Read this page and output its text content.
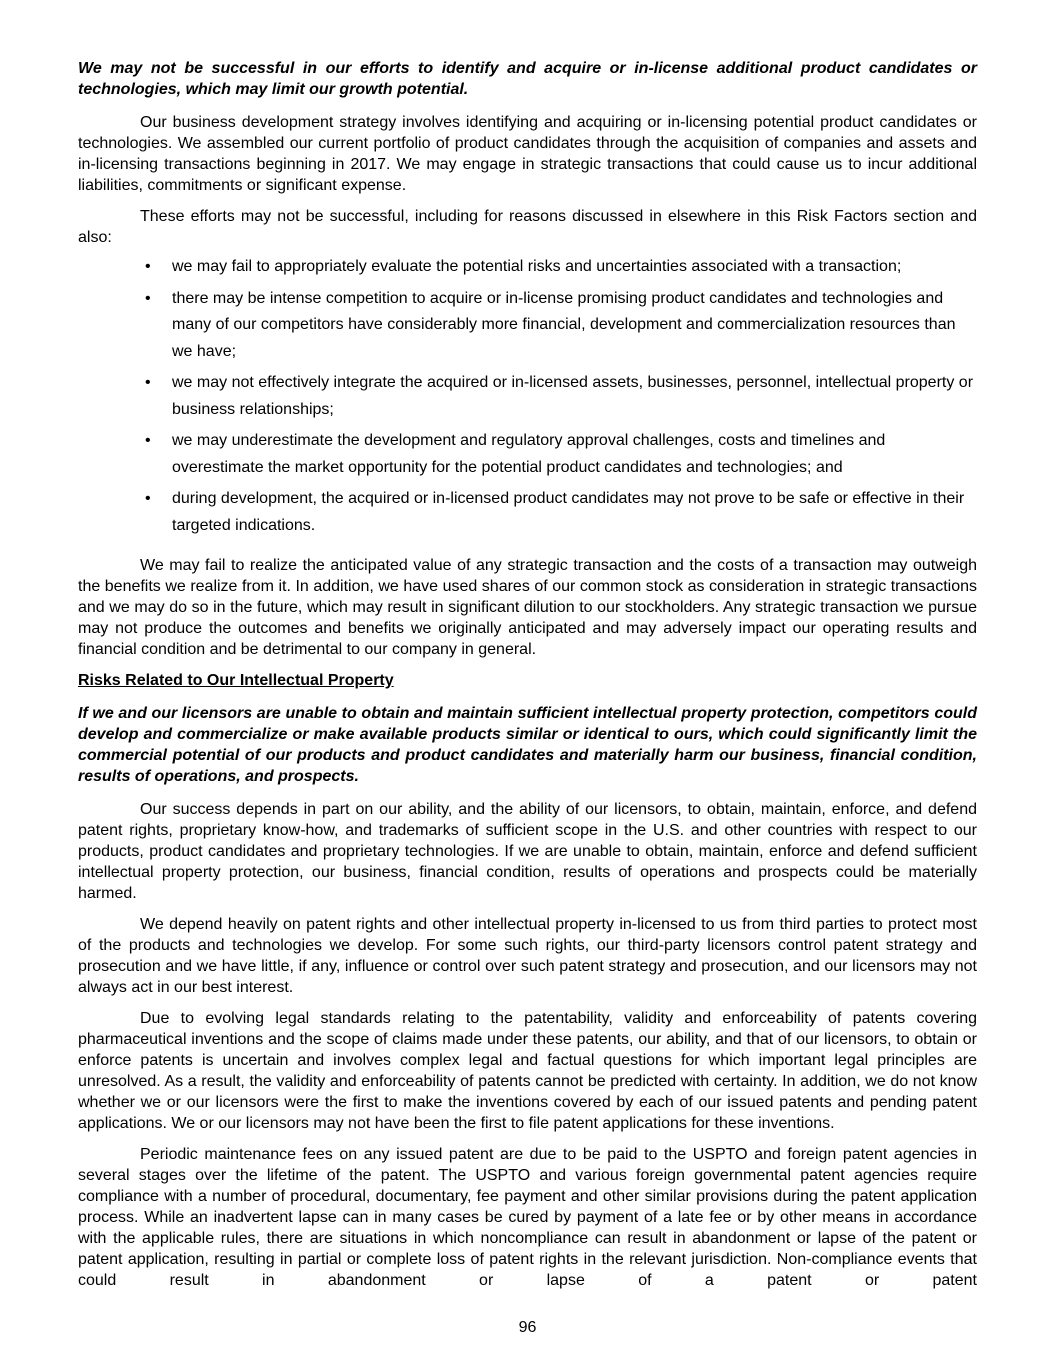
We may not be successful in our efforts to identify and acquire or in-license additional product candidates or technologies, which may limit our growth potential.

Our business development strategy involves identifying and acquiring or in-licensing potential product candidates or technologies. We assembled our current portfolio of product candidates through the acquisition of companies and assets and in-licensing transactions beginning in 2017. We may engage in strategic transactions that could cause us to incur additional liabilities, commitments or significant expense.

These efforts may not be successful, including for reasons discussed in elsewhere in this Risk Factors section and also:

•	we may fail to appropriately evaluate the potential risks and uncertainties associated with a transaction;
•	there may be intense competition to acquire or in-license promising product candidates and technologies and many of our competitors have considerably more financial, development and commercialization resources than we have;
•	we may not effectively integrate the acquired or in-licensed assets, businesses, personnel, intellectual property or business relationships;
•	we may underestimate the development and regulatory approval challenges, costs and timelines and overestimate the market opportunity for the potential product candidates and technologies; and
•	during development, the acquired or in-licensed product candidates may not prove to be safe or effective in their targeted indications.

We may fail to realize the anticipated value of any strategic transaction and the costs of a transaction may outweigh the benefits we realize from it. In addition, we have used shares of our common stock as consideration in strategic transactions and we may do so in the future, which may result in significant dilution to our stockholders. Any strategic transaction we pursue may not produce the outcomes and benefits we originally anticipated and may adversely impact our operating results and financial condition and be detrimental to our company in general.

Risks Related to Our Intellectual Property
If we and our licensors are unable to obtain and maintain sufficient intellectual property protection, competitors could develop and commercialize or make available products similar or identical to ours, which could significantly limit the commercial potential of our products and product candidates and materially harm our business, financial condition, results of operations, and prospects.

Our success depends in part on our ability, and the ability of our licensors, to obtain, maintain, enforce, and defend patent rights, proprietary know-how, and trademarks of sufficient scope in the U.S. and other countries with respect to our products, product candidates and proprietary technologies. If we are unable to obtain, maintain, enforce and defend sufficient intellectual property protection, our business, financial condition, results of operations and prospects could be materially harmed.

We depend heavily on patent rights and other intellectual property in-licensed to us from third parties to protect most of the products and technologies we develop. For some such rights, our third-party licensors control patent strategy and prosecution and we have little, if any, influence or control over such patent strategy and prosecution, and our licensors may not always act in our best interest.

Due to evolving legal standards relating to the patentability, validity and enforceability of patents covering pharmaceutical inventions and the scope of claims made under these patents, our ability, and that of our licensors, to obtain or enforce patents is uncertain and involves complex legal and factual questions for which important legal principles are unresolved. As a result, the validity and enforceability of patents cannot be predicted with certainty. In addition, we do not know whether we or our licensors were the first to make the inventions covered by each of our issued patents and pending patent applications. We or our licensors may not have been the first to file patent applications for these inventions.

Periodic maintenance fees on any issued patent are due to be paid to the USPTO and foreign patent agencies in several stages over the lifetime of the patent. The USPTO and various foreign governmental patent agencies require compliance with a number of procedural, documentary, fee payment and other similar provisions during the patent application process. While an inadvertent lapse can in many cases be cured by payment of a late fee or by other means in accordance with the applicable rules, there are situations in which noncompliance can result in abandonment or lapse of the patent or patent application, resulting in partial or complete loss of patent rights in the relevant jurisdiction. Non-compliance events that could result in abandonment or lapse of a patent or patent

96
